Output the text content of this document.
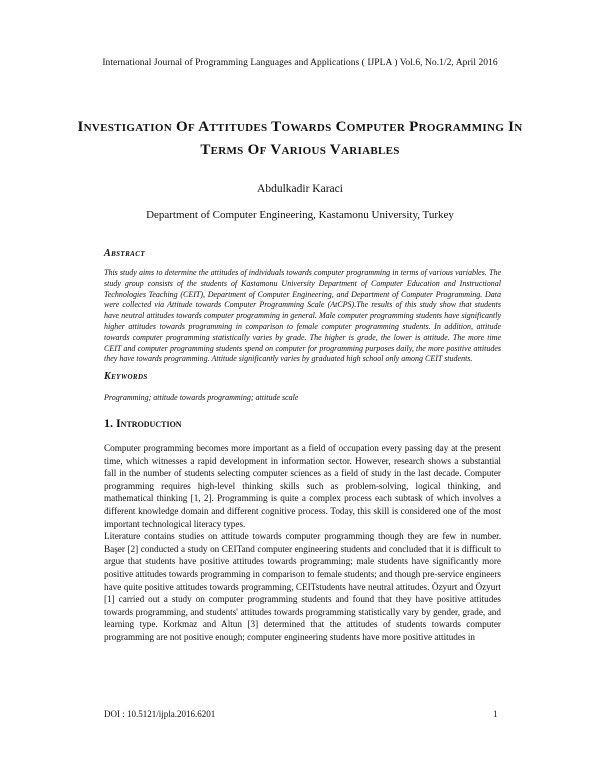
International Journal of Programming Languages and Applications ( IJPLA ) Vol.6, No.1/2, April 2016
Investigation Of Attitudes Towards Computer Programming In Terms Of Various Variables
Abdulkadir Karaci
Department of Computer Engineering, Kastamonu University, Turkey
Abstract
This study aims to determine the attitudes of individuals towards computer programming in terms of various variables. The study group consists of the students of Kastamonu University Department of Computer Education and Instructional Technologies Teaching (CEIT), Department of Computer Engineering, and Department of Computer Programming. Data were collected via Attitude towards Computer Programming Scale (AtCPS).The results of this study show that students have neutral attitudes towards computer programming in general. Male computer programming students have significantly higher attitudes towards programming in comparison to female computer programming students. In addition, attitude towards computer programming statistically varies by grade. The higher is grade, the lower is attitude. The more time CEIT and computer programming students spend on computer for programming purposes daily, the more positive attitudes they have towards programming. Attitude significantly varies by graduated high school only among CEIT students.
Keywords
Programming; attitude towards programming; attitude scale
1. Introduction

Computer programming becomes more important as a field of occupation every passing day at the present time, which witnesses a rapid development in information sector. However, research shows a substantial fall in the number of students selecting computer sciences as a field of study in the last decade. Computer programming requires high-level thinking skills such as problem-solving, logical thinking, and mathematical thinking [1, 2]. Programming is quite a complex process each subtask of which involves a different knowledge domain and different cognitive process. Today, this skill is considered one of the most important technological literacy types.

Literature contains studies on attitude towards computer programming though they are few in number. Başer [2] conducted a study on CEITand computer engineering students and concluded that it is difficult to argue that students have positive attitudes towards programming; male students have significantly more positive attitudes towards programming in comparison to female students; and though pre-service engineers have quite positive attitudes towards programming, CEITstudents have neutral attitudes. Özyurt and Özyurt [1] carried out a study on computer programming students and found that they have positive attitudes towards programming, and students' attitudes towards programming statistically vary by gender, grade, and learning type. Korkmaz and Altun [3] determined that the attitudes of students towards computer programming are not positive enough; computer engineering students have more positive attitudes in

DOI : 10.5121/ijpla.2016.6201	1
